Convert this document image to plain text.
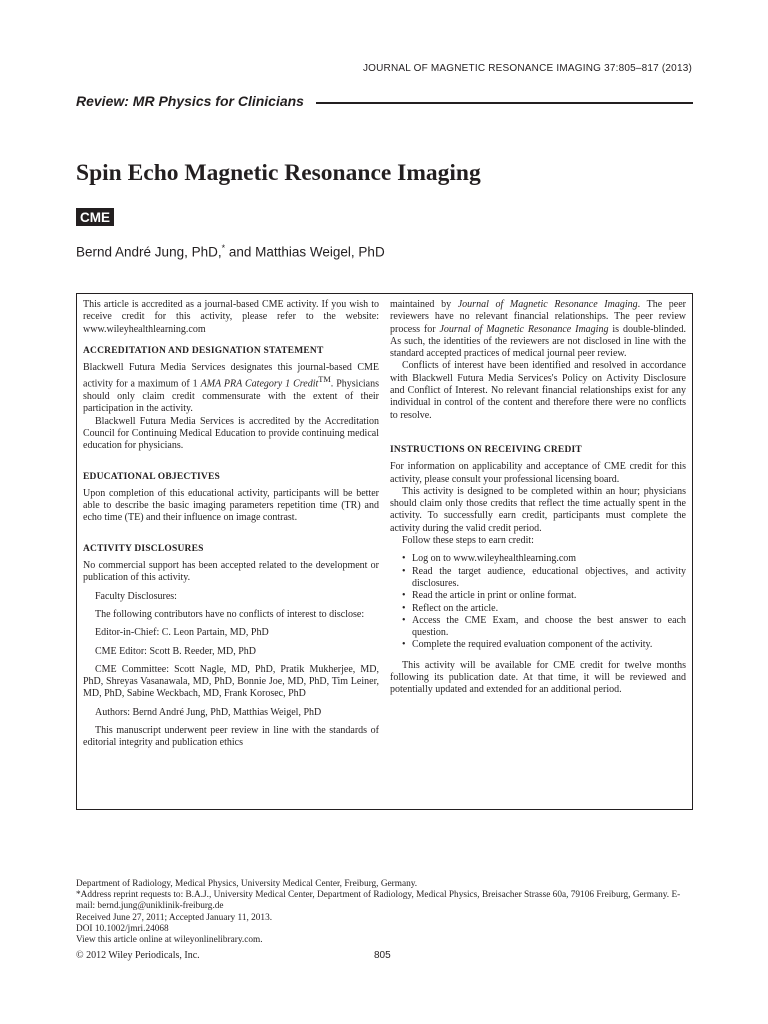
JOURNAL OF MAGNETIC RESONANCE IMAGING 37:805–817 (2013)
Review: MR Physics for Clinicians
Spin Echo Magnetic Resonance Imaging
CME
Bernd André Jung, PhD,* and Matthias Weigel, PhD

This article is accredited as a journal-based CME activity. If you wish to receive credit for this activity, please refer to the website: www.wileyhealthlearning.com

ACCREDITATION AND DESIGNATION STATEMENT

Blackwell Futura Media Services designates this journal-based CME activity for a maximum of 1 AMA PRA Category 1 Credit™. Physicians should only claim credit commensurate with the extent of their participation in the activity.

Blackwell Futura Media Services is accredited by the Accreditation Council for Continuing Medical Education to provide continuing medical education for physicians.

EDUCATIONAL OBJECTIVES

Upon completion of this educational activity, participants will be better able to describe the basic imaging parameters repetition time (TR) and echo time (TE) and their influence on image contrast.

ACTIVITY DISCLOSURES

No commercial support has been accepted related to the development or publication of this activity.

Faculty Disclosures:

The following contributors have no conflicts of interest to disclose:

Editor-in-Chief: C. Leon Partain, MD, PhD

CME Editor: Scott B. Reeder, MD, PhD

CME Committee: Scott Nagle, MD, PhD, Pratik Mukherjee, MD, PhD, Shreyas Vasanawala, MD, PhD, Bonnie Joe, MD, PhD, Tim Leiner, MD, PhD, Sabine Weckbach, MD, Frank Korosec, PhD

Authors: Bernd André Jung, PhD, Matthias Weigel, PhD

This manuscript underwent peer review in line with the standards of editorial integrity and publication ethics

maintained by Journal of Magnetic Resonance Imaging. The peer reviewers have no relevant financial relationships. The peer review process for Journal of Magnetic Resonance Imaging is double-blinded. As such, the identities of the reviewers are not disclosed in line with the standard accepted practices of medical journal peer review.

Conflicts of interest have been identified and resolved in accordance with Blackwell Futura Media Services's Policy on Activity Disclosure and Conflict of Interest. No relevant financial relationships exist for any individual in control of the content and therefore there were no conflicts to resolve.

INSTRUCTIONS ON RECEIVING CREDIT

For information on applicability and acceptance of CME credit for this activity, please consult your professional licensing board.

This activity is designed to be completed within an hour; physicians should claim only those credits that reflect the time actually spent in the activity. To successfully earn credit, participants must complete the activity during the valid credit period.

Follow these steps to earn credit:

• Log on to www.wileyhealthlearning.com
• Read the target audience, educational objectives, and activity disclosures.
• Read the article in print or online format.
• Reflect on the article.
• Access the CME Exam, and choose the best answer to each question.
• Complete the required evaluation component of the activity.

This activity will be available for CME credit for twelve months following its publication date. At that time, it will be reviewed and potentially updated and extended for an additional period.

Department of Radiology, Medical Physics, University Medical Center, Freiburg, Germany.

*Address reprint requests to: B.A.J., University Medical Center, Department of Radiology, Medical Physics, Breisacher Strasse 60a, 79106 Freiburg, Germany. E-mail: bernd.jung@uniklinik-freiburg.de

Received June 27, 2011; Accepted January 11, 2013.

DOI 10.1002/jmri.24068

View this article online at wileyonlinelibrary.com.

© 2012 Wiley Periodicals, Inc.	805
